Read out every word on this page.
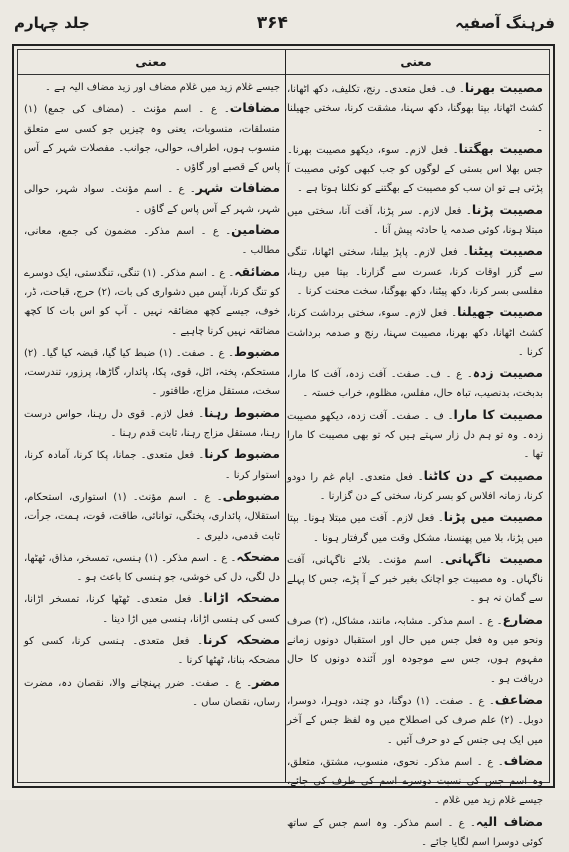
فرہنگ آصفیہ
۳۶۴
جلد چہارم
معنی
معنی
مصیبت بھرنا۔ ف۔ فعل متعدی۔ رنج، تکلیف، دکھ اٹھانا، کشٹ اٹھانا، بپتا بھوگنا، دکھ سہنا، مشقت کرنا، سختی جھیلنا ۔
مصیبت بھگتنا۔ فعل لازم۔ سوء، دیکھو مصیبت بھرنا۔ جس بھلا اس بستی کے لوگوں کو جب کبھی کوئی مصیبت آ پڑتی ہے تو ان سب کو مصیبت کے بھگتنے کو نکلنا ہوتا ہے ۔
مصیبت پڑنا۔ فعل لازم۔ سر پڑنا، آفت آنا، سختی میں مبتلا ہونا، کوئی صدمہ یا حادثہ پیش آنا ۔
مصیبت پیٹنا۔ فعل لازم۔ پاپڑ بیلنا، سختی اٹھانا، تنگی سے گزر اوقات کرنا، عسرت سے گزارنا۔ بپتا میں رہنا، مفلسی بسر کرنا، دکھ پیٹنا، دکھ بھوگنا، سخت محنت کرنا ۔
مصیبت جھیلنا۔ فعل لازم۔ سوء، سختی برداشت کرنا، کشٹ اٹھانا، دکھ بھرنا، مصیبت سہنا، رنج و صدمہ برداشت کرنا ۔
مصیبت زدہ۔ ع ۔ ف۔ صفت۔ آفت زدہ، آفت کا مارا، بدبخت، بدنصیب، تباہ حال، مفلس، مظلوم، خراب خستہ ۔
مصیبت کا مارا۔ ف ۔ صفت۔ آفت زدہ، دیکھو مصیبت زدہ۔ وہ تو ہم دل زار سہتے ہیں کہ تو بھی مصیبت کا مارا تھا ۔
مصیبت کے دن کاٹنا۔ فعل متعدی۔ ایام غم را دودو کرنا، زمانہ افلاس کو بسر کرنا، سختی کے دن گزارنا ۔
مصیبت میں پڑنا۔ فعل لازم۔ آفت میں مبتلا ہونا۔ بپتا میں پڑنا، بلا میں پھنسنا، مشکل وقت میں گرفتار ہونا ۔
مصیبت ناگہانی۔ اسم مؤنث۔ بلائے ناگہانی، آفت ناگہاں۔ وہ مصیبت جو اچانک بغیر خبر کے آ پڑے، جس کا پہلے سے گمان نہ ہو ۔
مضارع۔ ع ۔ اسم مذکر۔ مشابہ، مانند، مشاکل، (۲) صرف ونحو میں وہ فعل جس میں حال اور استقبال دونوں زمانے مفہوم ہوں، جس سے موجودہ اور آئندہ دونوں کا حال دریافت ہو ۔
مضاعف۔ ع ۔ صفت۔ (۱) دوگنا، دو چند، دوہرا، دوسرا، دوبل۔ (۲) علم صرف کی اصطلاح میں وہ لفظ جس کے آخر میں ایک ہی جنس کے دو حرف آئیں ۔
مضاف۔ ع ۔ اسم مذکر۔ نحوی، منسوب، مشتق، متعلق، وہ اسم جس کی نسبت دوسرے اسم کی طرف کی جائے، جیسے غلام زید میں غلام ۔
مضاف الیہ۔ ع ۔ اسم مذکر۔ وہ اسم جس کے ساتھ کوئی دوسرا اسم لگایا جائے ۔
جیسے غلام زید میں غلام مضاف اور زید مضاف الیہ ہے ۔
مضافات۔ ع ۔ اسم مؤنث ۔ (مضاف کی جمع) (۱) منسلقات، منسوبات، یعنی وہ چیزیں جو کسی سے متعلق منسوب ہوں، اطراف، حوالی، جوانب۔ مفصلات شہر کے آس پاس کے قصبے اور گاؤں ۔
مضافات شہر۔ ع ۔ اسم مؤنث۔ سواد شہر، حوالی شہر، شہر کے آس پاس کے گاؤں ۔
مضامین۔ ع ۔ اسم مذکر۔ مضمون کی جمع، معانی، مطالب ۔
مضائقہ۔ ع ۔ اسم مذکر۔ (۱) تنگی، تنگدستی، ایک دوسرے کو تنگ کرنا، آپس میں دشواری کی بات، (۲) حرج، قباحت، ڈر، خوف، جیسے کچھ مضائقہ نہیں ۔ آپ کو اس بات کا کچھ مضائقہ نہیں کرنا چاہیے ۔
مضبوط۔ ع ۔ صفت۔ (۱) ضبط کیا گیا، قبضہ کیا گیا۔ (۲) مستحکم، پختہ، اٹل، قوی، پکا، پائدار، گاڑھا، پرزور، تندرست، سخت، مستقل مزاج، طاقتور ۔
مضبوط رہنا۔ فعل لازم۔ قوی دل رہنا، حواس درست رہنا، مستقل مزاج رہنا، ثابت قدم رہنا ۔
مضبوط کرنا۔ فعل متعدی۔ جمانا، پکا کرنا، آمادہ کرنا، استوار کرنا ۔
مضبوطی۔ ع ۔ اسم مؤنث۔ (۱) استواری، استحکام، استقلال، پائداری، پختگی، توانائی، طاقت، قوت، ہمت، جرأت، ثابت قدمی، دلیری ۔
مضحکہ۔ ع ۔ اسم مذکر۔ (۱) ہنسی، تمسخر، مذاق، ٹھٹھا، دل لگی، دل کی خوشی، جو ہنسی کا باعث ہو ۔
مضحکہ اڑانا۔ فعل متعدی۔ ٹھٹھا کرنا، تمسخر اڑانا، کسی کی ہنسی اڑانا، ہنسی میں اڑا دینا ۔
مضحکہ کرنا۔ فعل متعدی۔ ہنسی کرنا، کسی کو مضحکہ بنانا، ٹھٹھا کرنا ۔
مضر۔ ع ۔ صفت۔ ضرر پہنچانے والا، نقصان دہ، مضرت رساں، نقصان ساں ۔
